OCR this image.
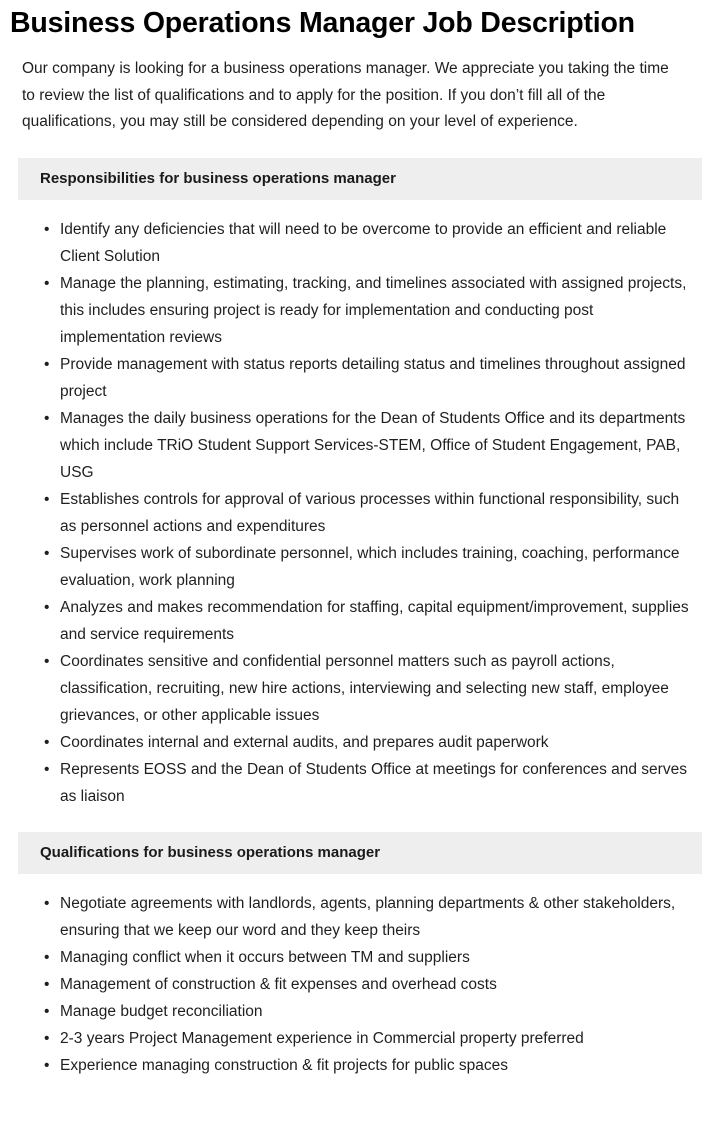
Business Operations Manager Job Description

Our company is looking for a business operations manager. We appreciate you taking the time to review the list of qualifications and to apply for the position. If you don’t fill all of the qualifications, you may still be considered depending on your level of experience.

Responsibilities for business operations manager
• Identify any deficiencies that will need to be overcome to provide an efficient and reliable Client Solution
• Manage the planning, estimating, tracking, and timelines associated with assigned projects, this includes ensuring project is ready for implementation and conducting post implementation reviews
• Provide management with status reports detailing status and timelines throughout assigned project
• Manages the daily business operations for the Dean of Students Office and its departments which include TRiO Student Support Services-STEM, Office of Student Engagement, PAB, USG
• Establishes controls for approval of various processes within functional responsibility, such as personnel actions and expenditures
• Supervises work of subordinate personnel, which includes training, coaching, performance evaluation, work planning
• Analyzes and makes recommendation for staffing, capital equipment/improvement, supplies and service requirements
• Coordinates sensitive and confidential personnel matters such as payroll actions, classification, recruiting, new hire actions, interviewing and selecting new staff, employee grievances, or other applicable issues
• Coordinates internal and external audits, and prepares audit paperwork
• Represents EOSS and the Dean of Students Office at meetings for conferences and serves as liaison
Qualifications for business operations manager
• Negotiate agreements with landlords, agents, planning departments & other stakeholders, ensuring that we keep our word and they keep theirs
• Managing conflict when it occurs between TM and suppliers
• Management of construction & fit expenses and overhead costs
• Manage budget reconciliation
• 2-3 years Project Management experience in Commercial property preferred
• Experience managing construction & fit projects for public spaces
